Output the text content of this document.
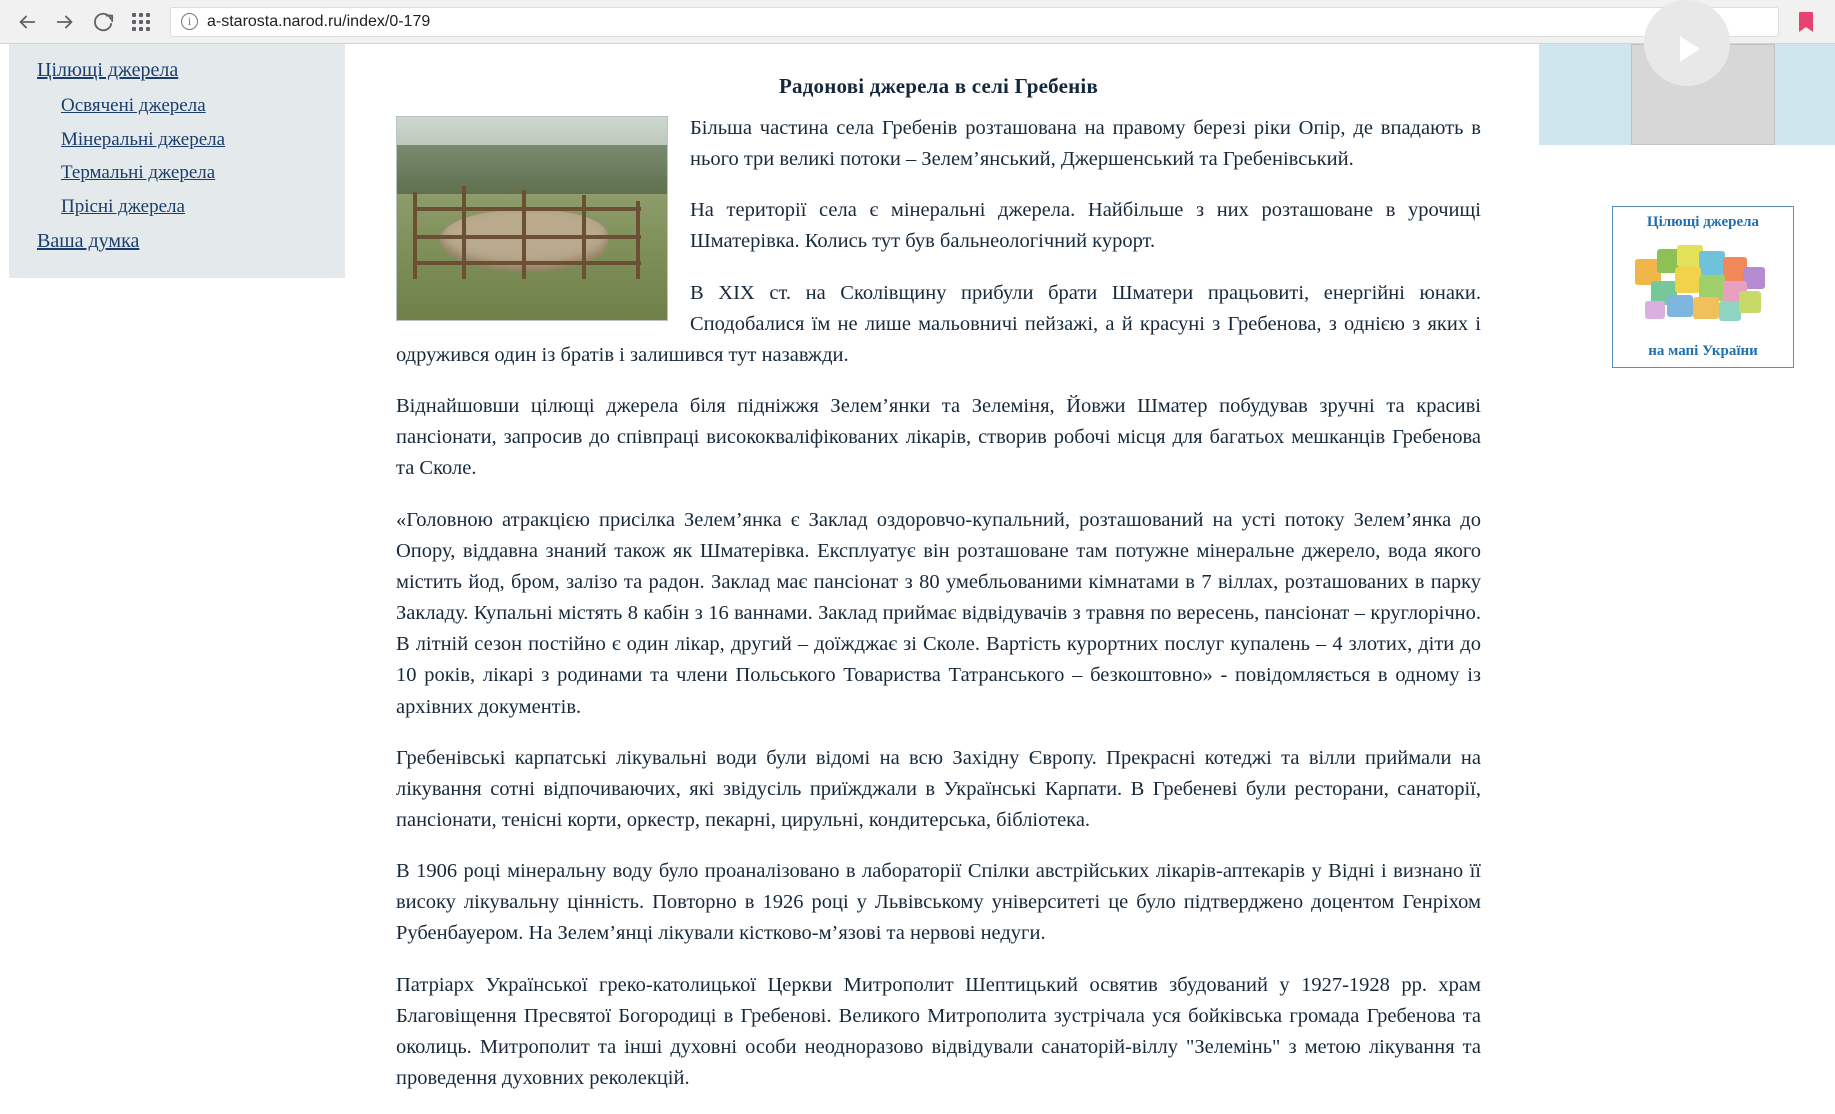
i a-starosta.narod.ru/index/0-179
Цілющі джерела
Освячені джерела
Мінеральні джерела
Термальні джерела
Прісні джерела
Ваша думка
Радонові джерела в селі Гребенів

Більша частина села Гребенів розташована на правому березі ріки Опір, де впадають в нього три великі потоки – Зелем’янський, Джершенський та Гребенівський.

На території села є мінеральні джерела. Найбільше з них розташоване в урочищі Шматерівка. Колись тут був бальнеологічний курорт.

В ХIХ ст. на Сколівщину прибули брати Шматери працьовиті, енергійні юнаки. Сподобалися їм не лише мальовничі пейзажі, а й красуні з Гребенова, з однією з яких і одружився один із братів і залишився тут назавжди.

Віднайшовши цілющі джерела біля підніжжя Зелем’янки та Зелеміня, Йовжи Шматер побудував зручні та красиві пансіонати, запросив до співпраці висококваліфікованих лікарів, створив робочі місця для багатьох мешканців Гребенова та Сколе.

«Головною атракцією присілка Зелем’янка є Заклад оздоровчо-купальний, розташований на усті потоку Зелем’янка до Опору, віддавна знаний також як Шматерівка. Експлуатує він розташоване там потужне мінеральне джерело, вода якого містить йод, бром, залізо та радон. Заклад має пансіонат з 80 умебльованими кімнатами в 7 віллах, розташованих в парку Закладу. Купальні містять 8 кабін з 16 ваннами. Заклад приймає відвідувачів з травня по вересень, пансіонат – круглорічно. В літній сезон постійно є один лікар, другий – доїжджає зі Сколе. Вартість курортних послуг купалень – 4 злотих, діти до 10 років, лікарі з родинами та члени Польського Товариства Татранського – безкоштовно» - повідомляється в одному із архівних документів.

Гребенівські карпатські лікувальні води були відомі на всю Західну Європу. Прекрасні котеджі та вілли приймали на лікування сотні відпочиваючих, які звідусіль приїжджали в Українські Карпати. В Гребеневі були ресторани, санаторії, пансіонати, тенісні корти, оркестр, пекарні, цирульні, кондитерська, бібліотека.

В 1906 році мінеральну воду було проаналізовано в лабораторії Спілки австрійських лікарів-аптекарів у Відні і визнано її високу лікувальну цінність. Повторно в 1926 році у Львівському університеті це було підтверджено доцентом Генріхом Рубенбауером. На Зелем’янці лікували кістково-м’язові та нервові недуги.

Патріарх Української греко-католицької Церкви Митрополит Шептицький освятив збудований у 1927-1928 рр. храм Благовіщення Пресвятої Богородиці в Гребенові. Великого Митрополита зустрічала уся бойківська громада Гребенова та околиць. Митрополит та інші духовні особи неодноразово відвідували санаторій-віллу "Зелемінь" з метою лікування та проведення духовних реколекцій.

Цілющі джерела
на мапі України
